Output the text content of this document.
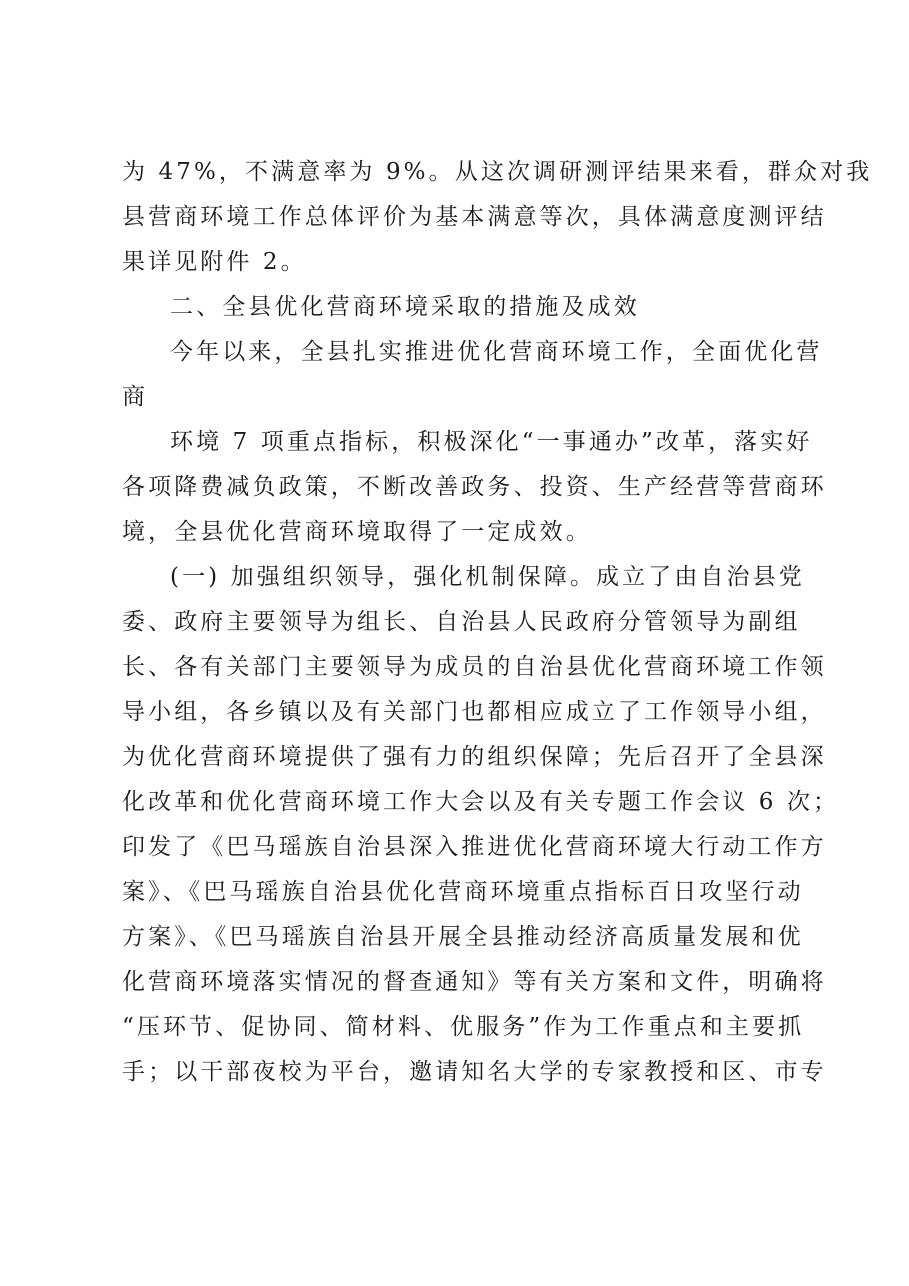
为 47%，不满意率为 9%。从这次调研测评结果来看，群众对我
县营商环境工作总体评价为基本满意等次，具体满意度测评结
果详见附件 2。
二、全县优化营商环境采取的措施及成效
今年以来，全县扎实推进优化营商环境工作，全面优化营
商
环境 7 项重点指标，积极深化“一事通办”改革，落实好
各项降费减负政策，不断改善政务、投资、生产经营等营商环
境，全县优化营商环境取得了一定成效。
(一) 加强组织领导，强化机制保障。成立了由自治县党
委、政府主要领导为组长、自治县人民政府分管领导为副组
长、各有关部门主要领导为成员的自治县优化营商环境工作领
导小组，各乡镇以及有关部门也都相应成立了工作领导小组，
为优化营商环境提供了强有力的组织保障；先后召开了全县深
化改革和优化营商环境工作大会以及有关专题工作会议 6 次；
印发了《巴马瑶族自治县深入推进优化营商环境大行动工作方
案》、《巴马瑶族自治县优化营商环境重点指标百日攻坚行动
方案》、《巴马瑶族自治县开展全县推动经济高质量发展和优
化营商环境落实情况的督查通知》等有关方案和文件，明确将
“压环节、促协同、简材料、优服务”作为工作重点和主要抓
手；以干部夜校为平台，邀请知名大学的专家教授和区、市专
